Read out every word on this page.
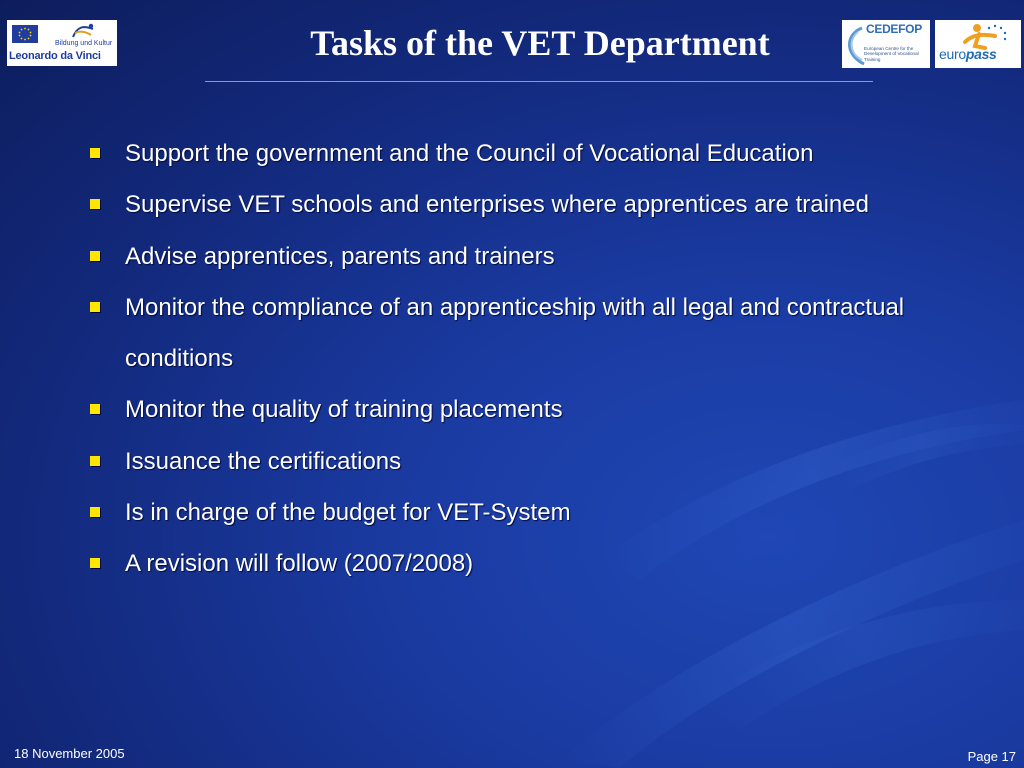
Bildung und Kultur
Leonardo da Vinci	Tasks of the VET Department	CEDEFOP
European Centre for the Development of Vocational Training	europass
Support the government and the Council of Vocational Education
Supervise VET schools and enterprises where apprentices are trained
Advise apprentices, parents and trainers
Monitor the compliance of an apprenticeship with all legal and contractual conditions
Monitor the quality of training placements
Issuance the certifications
Is in charge of the budget for VET-System
A revision will follow (2007/2008)
18 November 2005	Page 17
